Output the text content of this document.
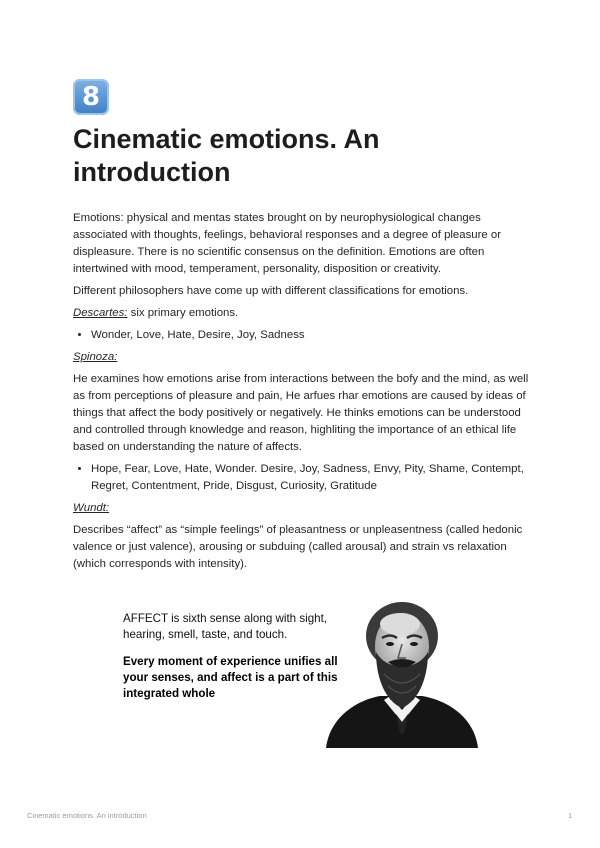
8
Cinematic emotions. An introduction

Emotions: physical and mentas states brought on by neurophysiological changes associated with thoughts, feelings, behavioral responses and a degree of pleasure or displeasure. There is no scientific consensus on the definition. Emotions are often intertwined with mood, temperament, personality, disposition or creativity.

Different philosophers have come up with different classifications for emotions.

Descartes: six primary emotions.

• Wonder, Love, Hate, Desire, Joy, Sadness
Spinoza:

He examines how emotions arise from interactions between the bofy and the mind, as well as from perceptions of pleasure and pain, He arfues rhar emotions are caused by ideas of things that affect the body positively or negatively. He thinks emotions can be understood and controlled through knowledge and reason, highliting the importance of an ethical life based on understanding the nature of affects.

• Hope, Fear, Love, Hate, Wonder. Desire, Joy, Sadness, Envy, Pity, Shame, Contempt, Regret, Contentment, Pride, Disgust, Curiosity, Gratitude
Wundt:

Describes “affect” as “simple feelings” of pleasantness or unpleasentness (called hedonic valence or just valence), arousing or subduing (called arousal) and strain vs relaxation (which corresponds with intensity).

AFFECT is sixth sense along with sight, hearing, smell, taste, and touch.

Every moment of experience unifies all your senses, and affect is a part of this integrated whole

Cinematic emotions. An introduction	1
